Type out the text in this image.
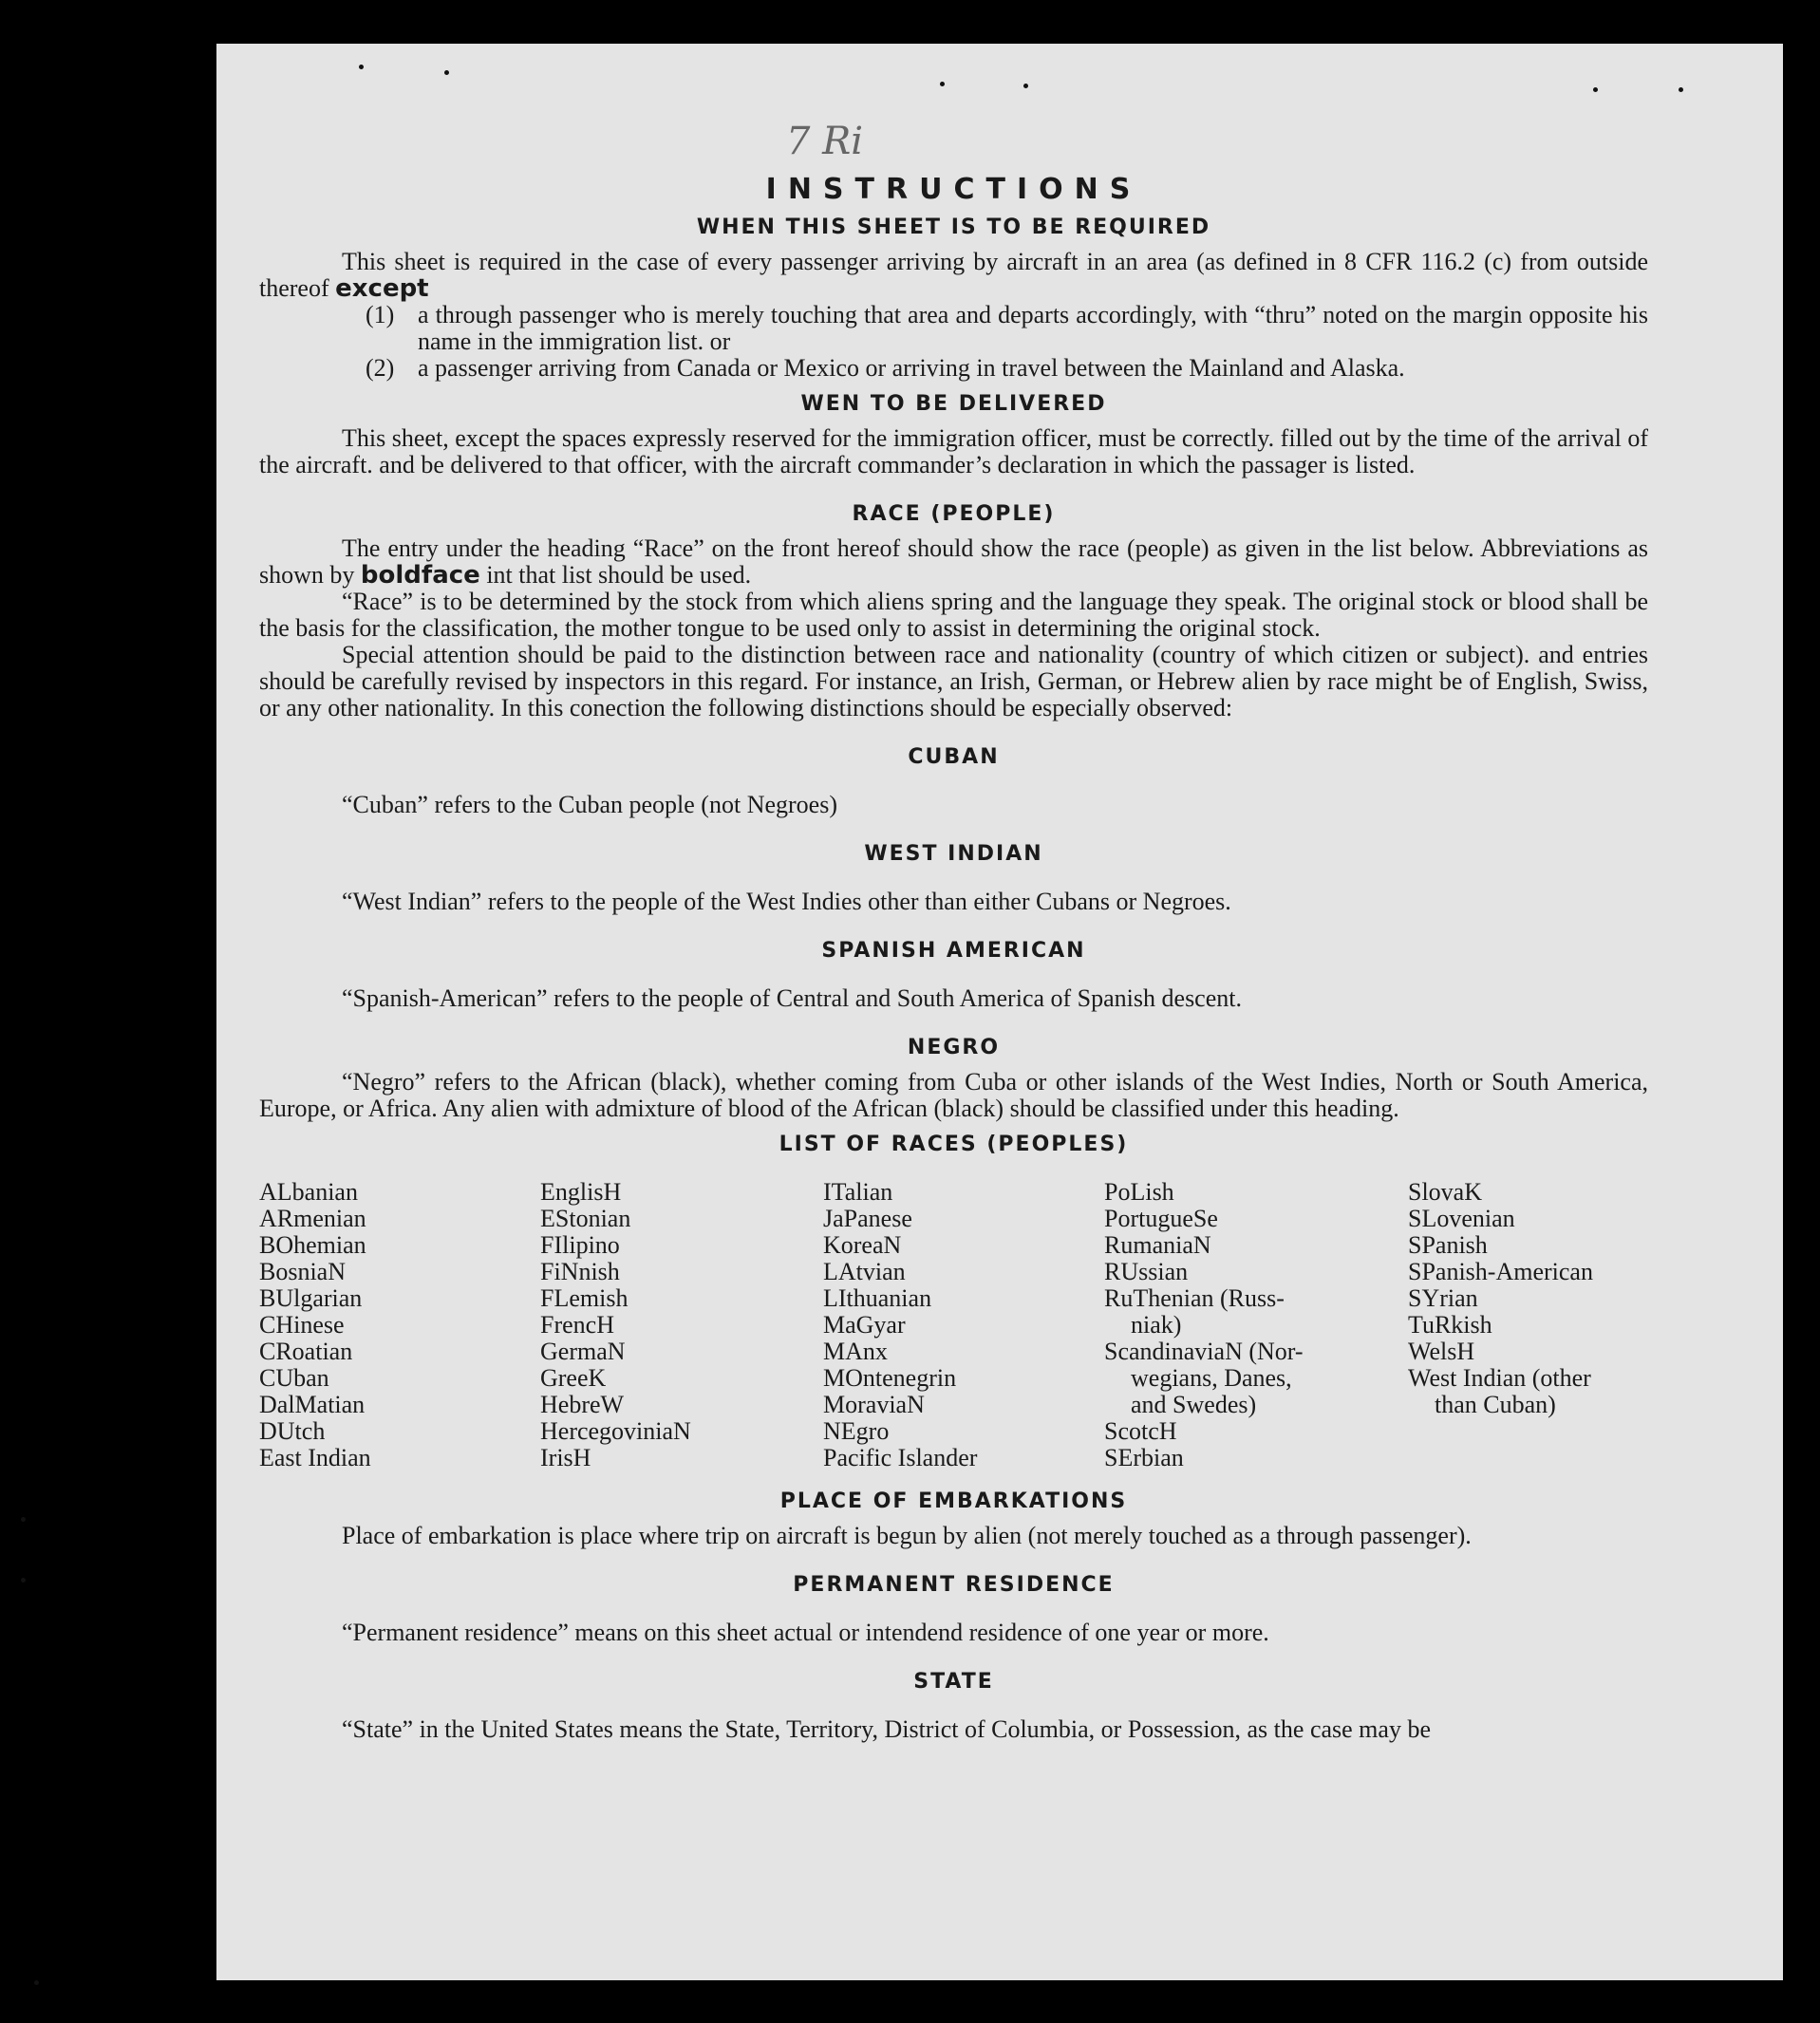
7 Ri
INSTRUCTIONS
WHEN THIS SHEET IS TO BE REQUIRED

This sheet is required in the case of every passenger arriving by aircraft in an area (as defined in 8 CFR 116.2 (c) from outside thereof except

(1) a through passenger who is merely touching that area and departs accordingly, with “thru” noted on the margin opposite his name in the immigration list. or
(2) a passenger arriving from Canada or Mexico or arriving in travel between the Mainland and Alaska.
WEN TO BE DELIVERED

This sheet, except the spaces expressly reserved for the immigration officer, must be correctly. filled out by the time of the arrival of the aircraft. and be delivered to that officer, with the aircraft commander’s declaration in which the passager is listed.

RACE (PEOPLE)

The entry under the heading “Race” on the front hereof should show the race (people) as given in the list below. Abbreviations as shown by boldface int that list should be used.

“Race” is to be determined by the stock from which aliens spring and the language they speak. The original stock or blood shall be the basis for the classification, the mother tongue to be used only to assist in determining the original stock.

Special attention should be paid to the distinction between race and nationality (country of which citizen or subject). and entries should be carefully revised by inspectors in this regard. For instance, an Irish, German, or Hebrew alien by race might be of English, Swiss, or any other nationality. In this conection the following distinctions should be especially observed:

CUBAN

“Cuban” refers to the Cuban people (not Negroes)

WEST INDIAN

“West Indian” refers to the people of the West Indies other than either Cubans or Negroes.

SPANISH AMERICAN

“Spanish-American” refers to the people of Central and South America of Spanish descent.

NEGRO

“Negro” refers to the African (black), whether coming from Cuba or other islands of the West Indies, North or South America, Europe, or Africa. Any alien with admixture of blood of the African (black) should be classified under this heading.

LIST OF RACES (PEOPLES)
ALbanian
ARmenian
BOhemian
BosniaN
BUlgarian
CHinese
CRoatian
CUban
DalMatian
DUtch
East Indian
EnglisH
EStonian
FIlipino
FiNnish
FLemish
FrencH
GermaN
GreeK
HebreW
HercegoviniaN
IrisH
ITalian
JaPanese
KoreaN
LAtvian
LIthuanian
MaGyar
MAnx
MOntenegrin
MoraviaN
NEgro
Pacific Islander
PoLish
PortugueSe
RumaniaN
RUssian
RuThenian (Russ-
niak)
ScandinaviaN (Nor-
wegians, Danes,
and Swedes)
ScotcH
SErbian
SlovaK
SLovenian
SPanish
SPanish-American
SYrian
TuRkish
WelsH
West Indian (other
than Cuban)
PLACE OF EMBARKATIONS

Place of embarkation is place where trip on aircraft is begun by alien (not merely touched as a through passenger).

PERMANENT RESIDENCE

“Permanent residence” means on this sheet actual or intendend residence of one year or more.

STATE

“State” in the United States means the State, Territory, District of Columbia, or Possession, as the case may be
